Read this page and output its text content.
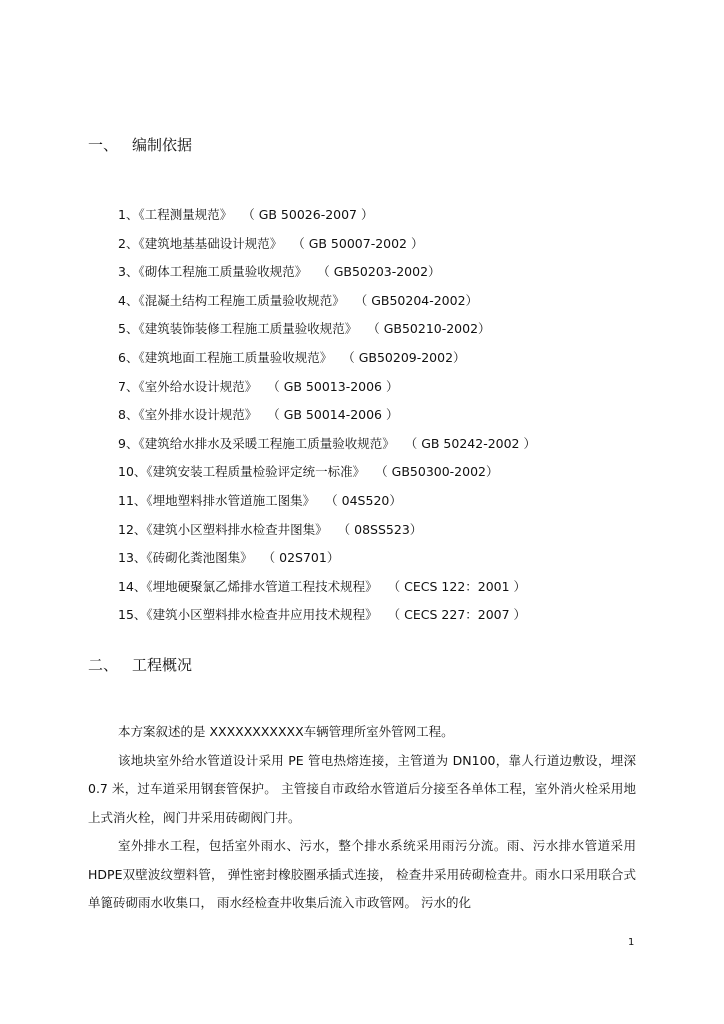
一、 编制依据
1、《工程测量规范》 （ GB 50026-2007 ）
2、《建筑地基基础设计规范》 （ GB 50007-2002 ）
3、《砌体工程施工质量验收规范》 （ GB50203-2002）
4、《混凝土结构工程施工质量验收规范》 （ GB50204-2002）
5、《建筑装饰装修工程施工质量验收规范》 （ GB50210-2002）
6、《建筑地面工程施工质量验收规范》 （ GB50209-2002）
7、《室外给水设计规范》 （ GB 50013-2006 ）
8、《室外排水设计规范》 （ GB 50014-2006 ）
9、《建筑给水排水及采暖工程施工质量验收规范》 （ GB 50242-2002 ）
10、《建筑安装工程质量检验评定统一标准》 （ GB50300-2002）
11、《埋地塑料排水管道施工图集》 （ 04S520）
12、《建筑小区塑料排水检查井图集》 （ 08SS523）
13、《砖砌化粪池图集》 （ 02S701）
14、《埋地硬聚氯乙烯排水管道工程技术规程》 （ CECS 122：2001 ）
15、《建筑小区塑料排水检查井应用技术规程》 （ CECS 227：2007 ）
二、 工程概况

本方案叙述的是 XXXXXXXXXXX车辆管理所室外管网工程。

该地块室外给水管道设计采用 PE 管电热熔连接，主管道为 DN100，靠人行道边敷设，埋深 0.7 米，过车道采用钢套管保护。 主管接自市政给水管道后分接至各单体工程，室外消火栓采用地上式消火栓，阀门井采用砖砌阀门井。

室外排水工程，包括室外雨水、污水，整个排水系统采用雨污分流。雨、污水排水管道采用 HDPE双壁波纹塑料管， 弹性密封橡胶圈承插式连接， 检查井采用砖砌检查井。雨水口采用联合式单篦砖砌雨水收集口， 雨水经检查井收集后流入市政管网。 污水的化

1
